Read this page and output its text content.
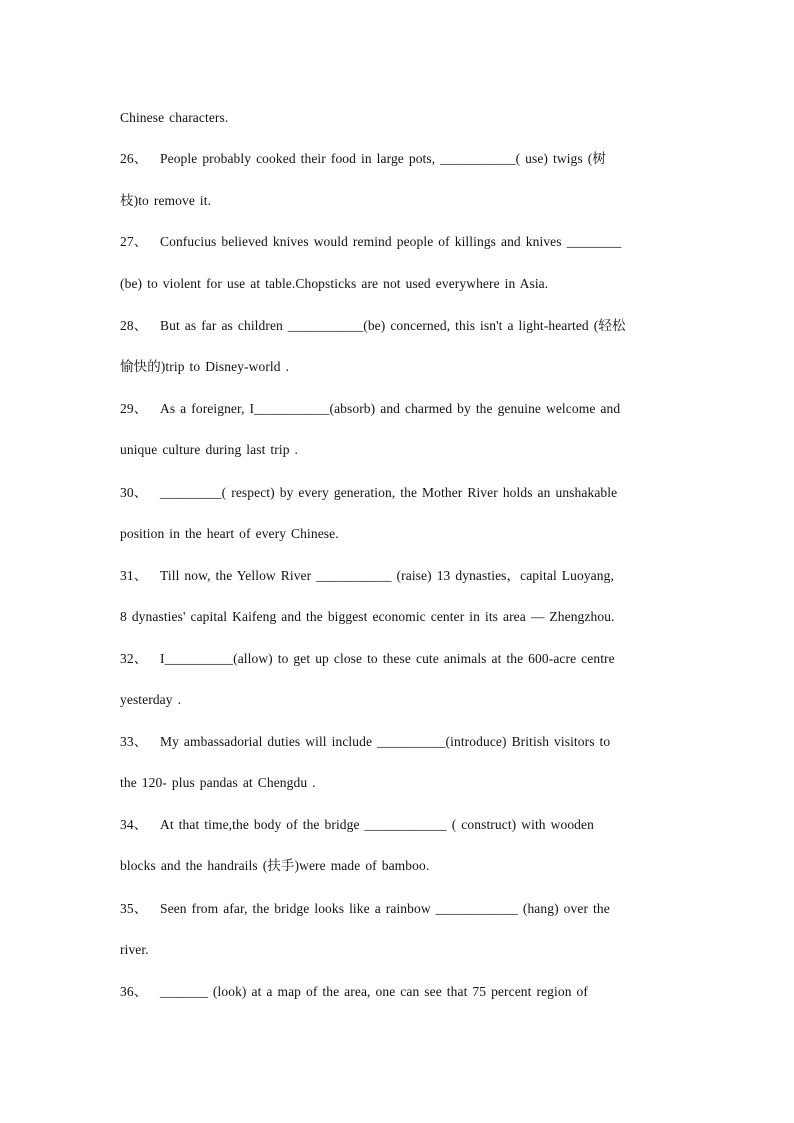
Chinese characters.
26、 People probably cooked their food in large pots, ___________( use) twigs (树
枝)to remove it.
27、 Confucius believed knives would remind people of killings and knives ________
(be) to violent for use at table.Chopsticks are not used everywhere in Asia.
28、 But as far as children ___________(be) concerned, this isn't a light-hearted (轻松
愉快的)trip to Disney-world .
29、 As a foreigner, I___________(absorb) and charmed by the genuine welcome and
unique culture during last trip .
30、 _________( respect) by every generation, the Mother River holds an unshakable
position in the heart of every Chinese.
31、 Till now, the Yellow River ___________ (raise) 13 dynasties，capital Luoyang,
8 dynasties' capital Kaifeng and the biggest economic center in its area — Zhengzhou.
32、 I__________(allow) to get up close to these cute animals at the 600-acre centre
yesterday .
33、 My ambassadorial duties will include __________(introduce) British visitors to
the 120- plus pandas at Chengdu .
34、 At that time,the body of the bridge ____________ ( construct) with wooden
blocks and the handrails (扶手)were made of bamboo.
35、 Seen from afar, the bridge looks like a rainbow ____________ (hang) over the
river.
36、 _______ (look) at a map of the area, one can see that 75 percent region of
